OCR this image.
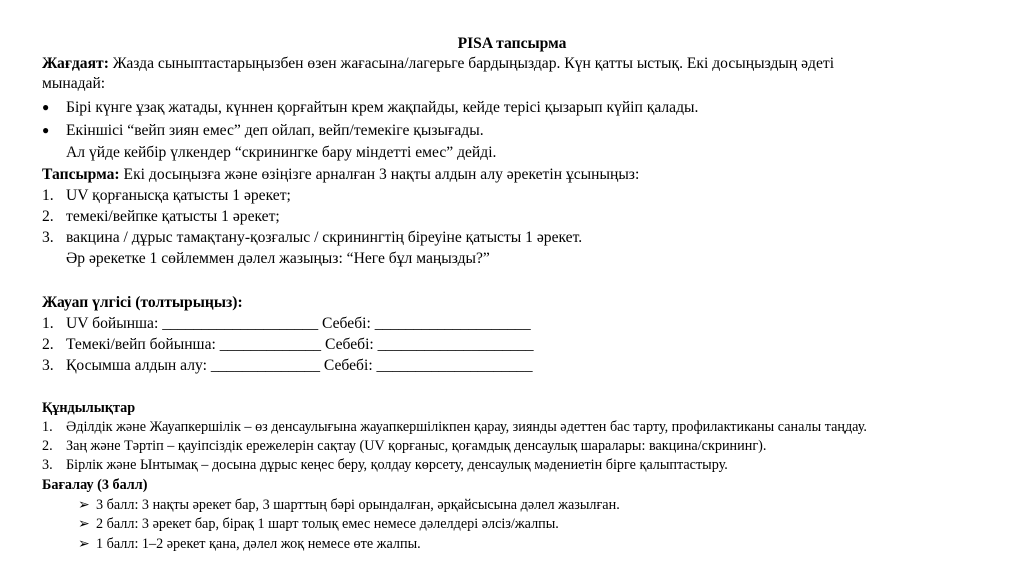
PISA тапсырма
Жағдаят: Жазда сыныптастарыңызбен өзен жағасына/лагерьге бардыңыздар. Күн қатты ыстық. Екі досыңыздың әдеті
мынадай:
● Бірі күнге ұзақ жатады, күннен қорғайтын крем жақпайды, кейде терісі қызарып күйіп қалады.
● Екіншісі “вейп зиян емес” деп ойлап, вейп/темекіге қызығады.
Ал үйде кейбір үлкендер “скринингке бару міндетті емес” дейді.
Тапсырма: Екі досыңызға және өзіңізге арналған 3 нақты алдын алу әрекетін ұсыныңыз:
1. UV қорғанысқа қатысты 1 әрекет;
2. темекі/вейпке қатысты 1 әрекет;
3. вакцина / дұрыс тамақтану-қозғалыс / скринингтің біреуіне қатысты 1 әрекет.
Әр әрекетке 1 сөйлеммен дәлел жазыңыз: “Неге бұл маңызды?”
Жауап үлгісі (толтырыңыз):
1. UV бойынша: ____________________ Себебі: ____________________
2. Темекі/вейп бойынша: _____________ Себебі: ____________________
3. Қосымша алдын алу: ______________ Себебі: ____________________
Құндылықтар
1. Әділдік және Жауапкершілік – өз денсаулығына жауапкершілікпен қарау, зиянды әдеттен бас тарту, профилактиканы саналы таңдау.
2. Заң және Тәртіп – қауіпсіздік ережелерін сақтау (UV қорғаныс, қоғамдық денсаулық шаралары: вакцина/скрининг).
3. Бірлік және Ынтымақ – досына дұрыс кеңес беру, қолдау көрсету, денсаулық мәдениетін бірге қалыптастыру.
Бағалау (3 балл)
➢ 3 балл: 3 нақты әрекет бар, 3 шарттың бәрі орындалған, әрқайсысына дәлел жазылған.
➢ 2 балл: 3 әрекет бар, бірақ 1 шарт толық емес немесе дәлелдері әлсіз/жалпы.
➢ 1 балл: 1–2 әрекет қана, дәлел жоқ немесе өте жалпы.
